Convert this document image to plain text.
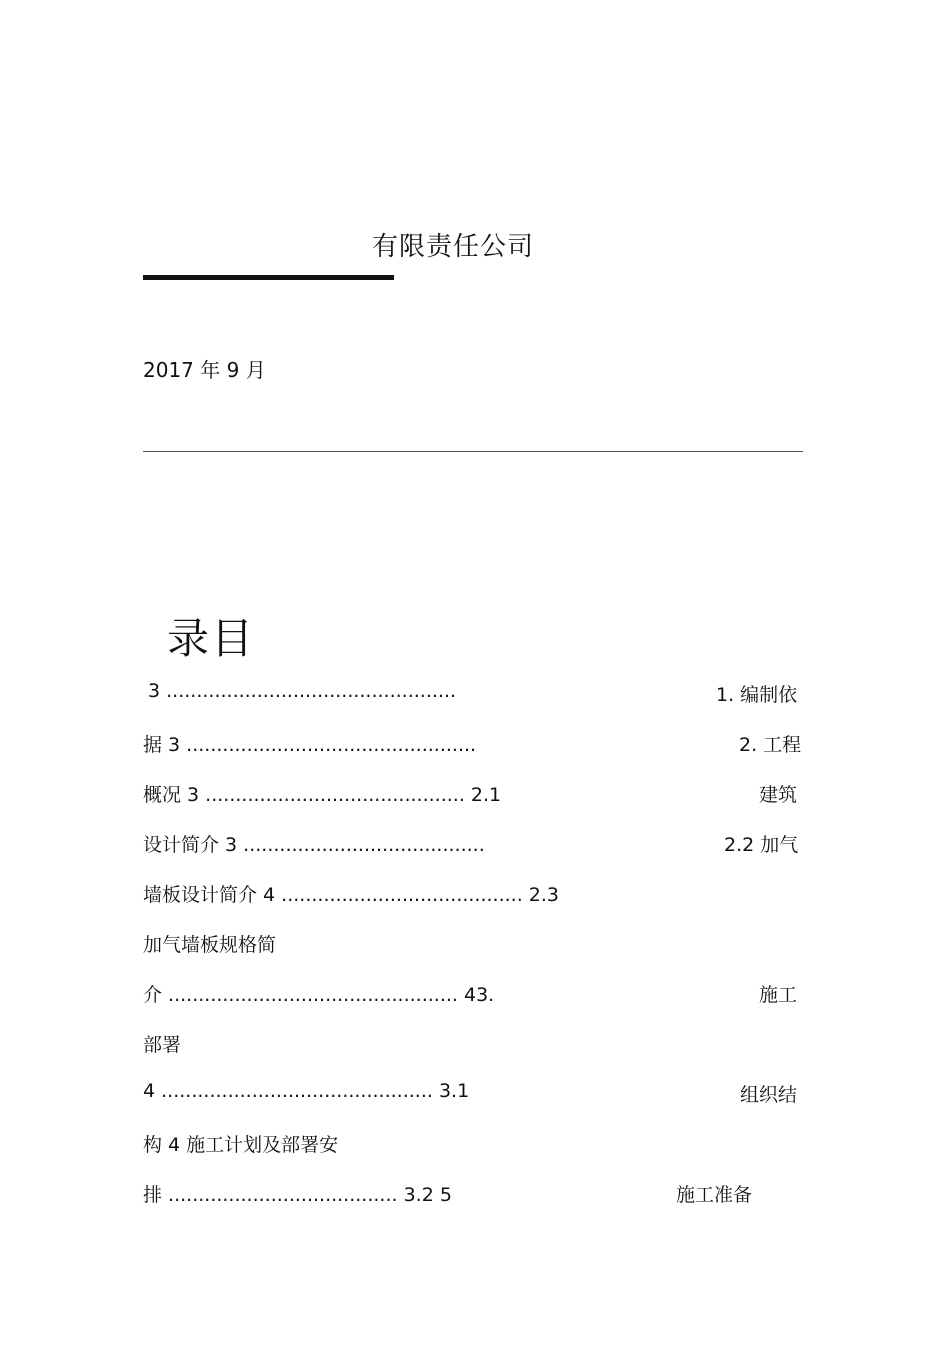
有限责任公司
2017 年 9 月
录目
3 ................................................	1. 编制依
据 3 ................................................	2. 工程
概况 3 ........................................... 2.1	建筑
设计简介 3 ........................................	2.2 加气
墙板设计简介 4 ........................................ 2.3
加气墙板规格简
介 ................................................ 43.	施工
部署
4 ............................................. 3.1	组织结
构 4 施工计划及部署安
排 ...................................... 3.2 5	施工准备
